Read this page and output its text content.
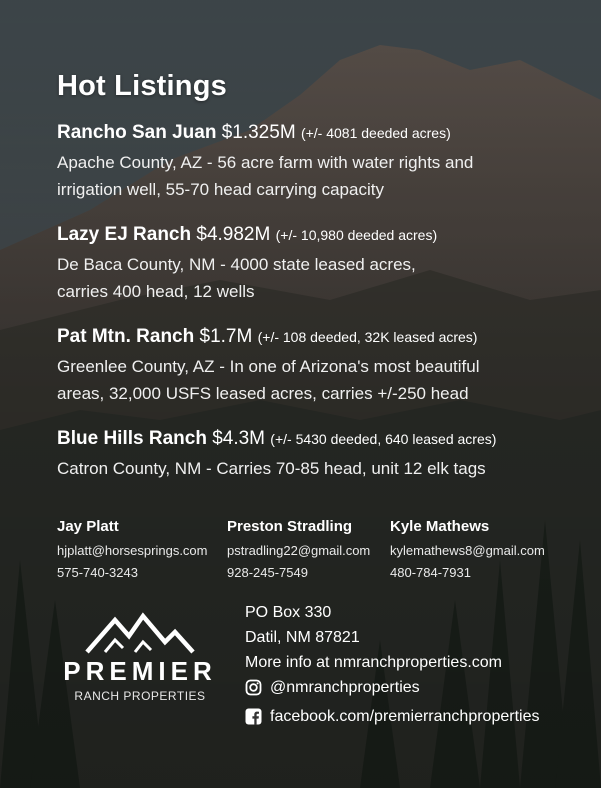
Hot Listings
Rancho San Juan $1.325M (+/- 4081 deeded acres)
Apache County, AZ - 56 acre farm with water rights and
irrigation well, 55-70 head carrying capacity
Lazy EJ Ranch $4.982M (+/- 10,980 deeded acres)
De Baca County, NM - 4000 state leased acres,
carries 400 head, 12 wells
Pat Mtn. Ranch $1.7M (+/- 108 deeded, 32K leased acres)
Greenlee County, AZ - In one of Arizona's most beautiful
areas, 32,000 USFS leased acres, carries +/-250 head
Blue Hills Ranch $4.3M (+/- 5430 deeded, 640 leased acres)
Catron County, NM - Carries 70-85 head, unit 12 elk tags
Jay Platt
hjplatt@horsesprings.com
575-740-3243
Preston Stradling
pstradling22@gmail.com
928-245-7549
Kyle Mathews
kylemathews8@gmail.com
480-784-7931
PREMIER
RANCH PROPERTIES
PO Box 330
Datil, NM 87821
More info at nmranchproperties.com
@nmranchproperties

facebook.com/premierranchproperties
